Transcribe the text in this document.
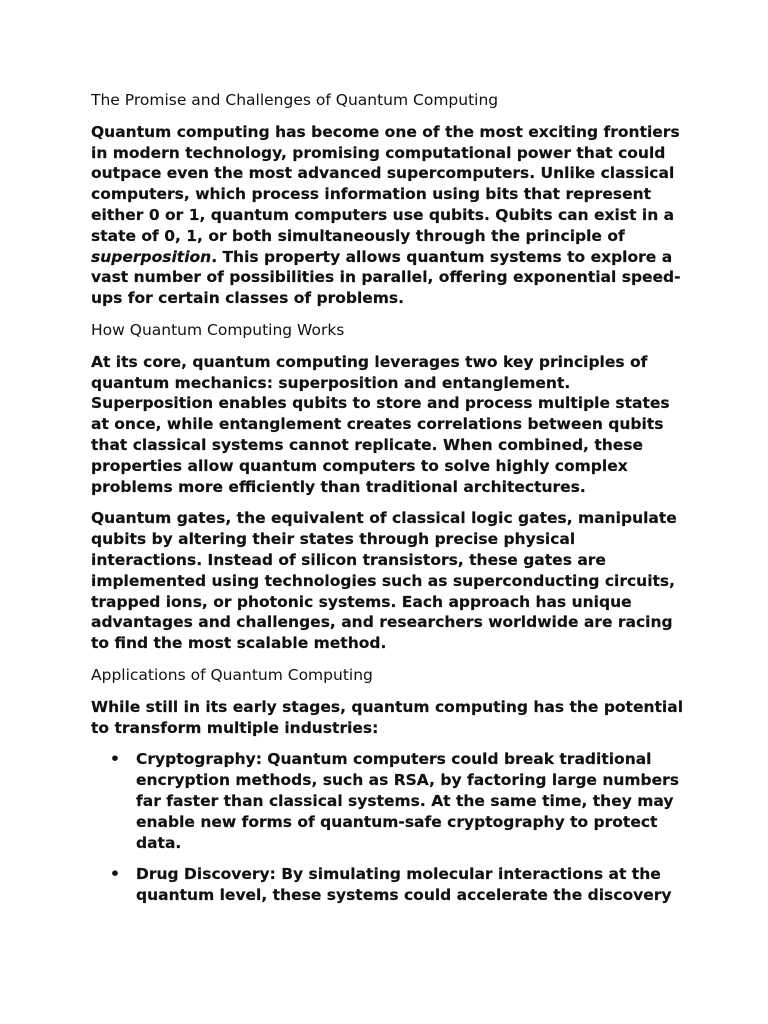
The Promise and Challenges of Quantum Computing

Quantum computing has become one of the most exciting frontiers in modern technology, promising computational power that could outpace even the most advanced supercomputers. Unlike classical computers, which process information using bits that represent either 0 or 1, quantum computers use qubits. Qubits can exist in a state of 0, 1, or both simultaneously through the principle of superposition. This property allows quantum systems to explore a vast number of possibilities in parallel, offering exponential speed-ups for certain classes of problems.

How Quantum Computing Works

At its core, quantum computing leverages two key principles of quantum mechanics: superposition and entanglement. Superposition enables qubits to store and process multiple states at once, while entanglement creates correlations between qubits that classical systems cannot replicate. When combined, these properties allow quantum computers to solve highly complex problems more efficiently than traditional architectures.

Quantum gates, the equivalent of classical logic gates, manipulate qubits by altering their states through precise physical interactions. Instead of silicon transistors, these gates are implemented using technologies such as superconducting circuits, trapped ions, or photonic systems. Each approach has unique advantages and challenges, and researchers worldwide are racing to find the most scalable method.

Applications of Quantum Computing

While still in its early stages, quantum computing has the potential to transform multiple industries:

• Cryptography: Quantum computers could break traditional encryption methods, such as RSA, by factoring large numbers far faster than classical systems. At the same time, they may enable new forms of quantum-safe cryptography to protect data.
• Drug Discovery: By simulating molecular interactions at the quantum level, these systems could accelerate the discovery
